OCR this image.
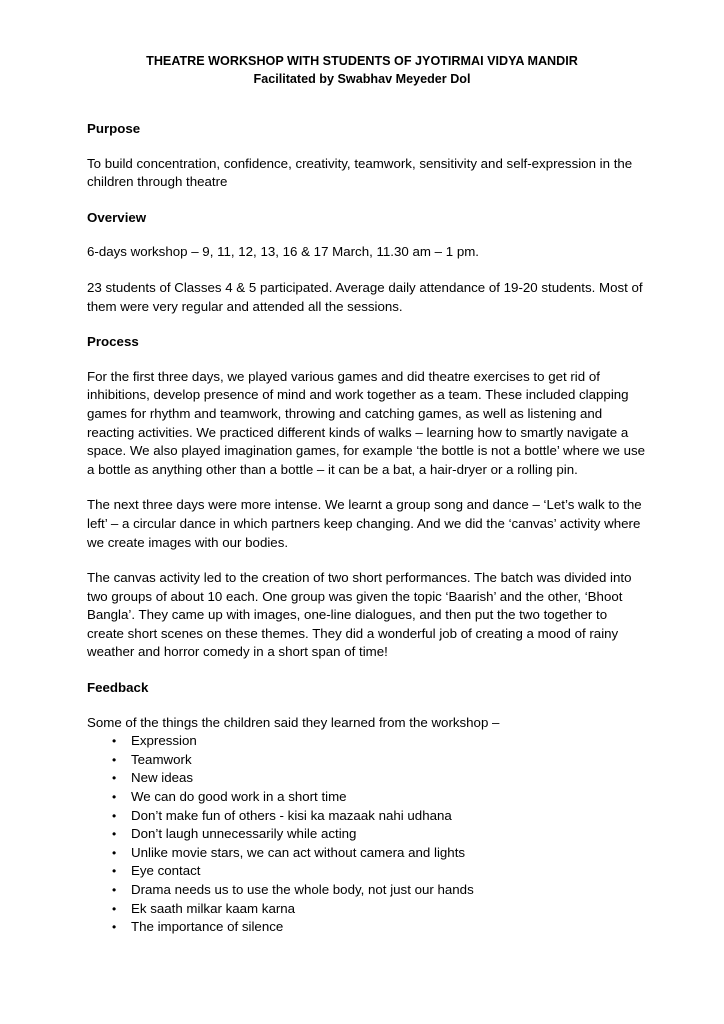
THEATRE WORKSHOP WITH STUDENTS OF JYOTIRMAI VIDYA MANDIR
Facilitated by Swabhav Meyeder Dol

Purpose

To build concentration, confidence, creativity, teamwork, sensitivity and self-expression in the children through theatre

Overview

6-days workshop – 9, 11, 12, 13, 16 & 17 March, 11.30 am – 1 pm.

23 students of Classes 4 & 5 participated. Average daily attendance of 19-20 students. Most of them were very regular and attended all the sessions.

Process

For the first three days, we played various games and did theatre exercises to get rid of inhibitions, develop presence of mind and work together as a team. These included clapping games for rhythm and teamwork, throwing and catching games, as well as listening and reacting activities. We practiced different kinds of walks – learning how to smartly navigate a space. We also played imagination games, for example ‘the bottle is not a bottle’ where we use a bottle as anything other than a bottle – it can be a bat, a hair-dryer or a rolling pin.

The next three days were more intense. We learnt a group song and dance – ‘Let’s walk to the left’ – a circular dance in which partners keep changing. And we did the ‘canvas’ activity where we create images with our bodies.

The canvas activity led to the creation of two short performances. The batch was divided into two groups of about 10 each. One group was given the topic ‘Baarish’ and the other, ‘Bhoot Bangla’. They came up with images, one-line dialogues, and then put the two together to create short scenes on these themes. They did a wonderful job of creating a mood of rainy weather and horror comedy in a short span of time!

Feedback

Some of the things the children said they learned from the workshop –

• Expression
• Teamwork
• New ideas
• We can do good work in a short time
• Don’t make fun of others - kisi ka mazaak nahi udhana
• Don’t laugh unnecessarily while acting
• Unlike movie stars, we can act without camera and lights
• Eye contact
• Drama needs us to use the whole body, not just our hands
• Ek saath milkar kaam karna
• The importance of silence
